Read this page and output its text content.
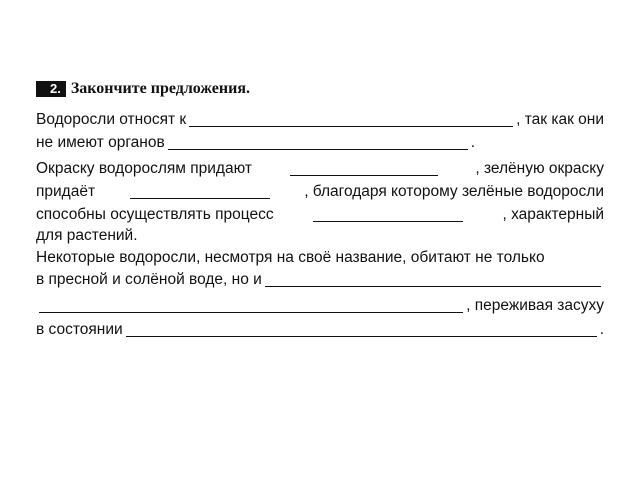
2. Закончите предложения.
Водоросли относят к	, так как они
не имеют органов	.
Окраску водорослям придают	, зелёную окраску
придаёт	, благодаря которому зелёные водоросли
способны осуществлять процесс	, характерный
для растений.
Некоторые водоросли, несмотря на своё название, обитают не только
в пресной и солёной воде, но и
, переживая засуху
в состоянии	.
